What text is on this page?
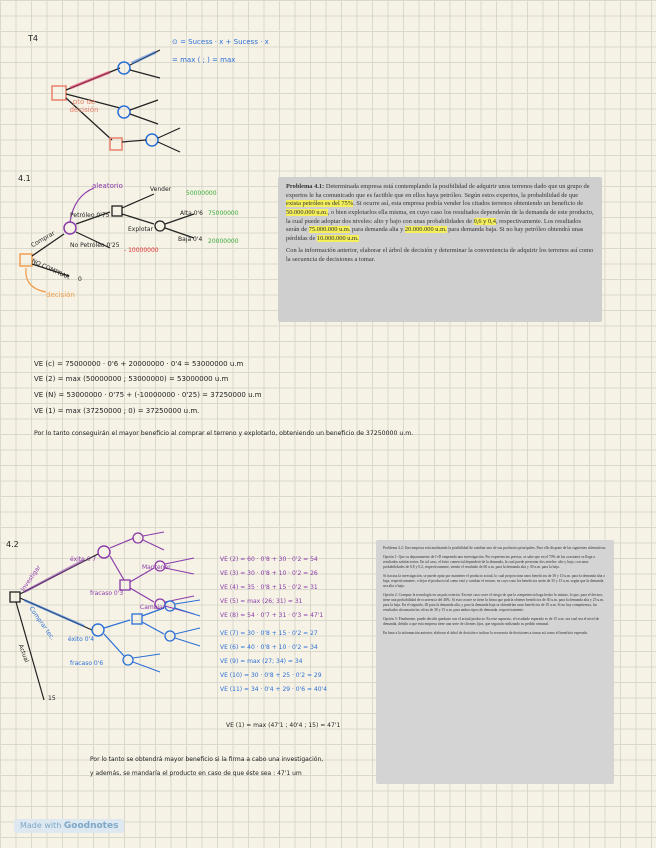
T4
pto de decisión
⊙ = Sucess · x + Sucess · x
= max ( ; ) = max
4.1
aleatorio
decisión
Comprar
NO COMPRAR
Petróleo 0'75
No Petróleo 0'25
Vender
Explotar
Alta 0'6
Baja 0'4
50000000
75000000
20000000
- 10000000
0

Problema 4.1: Determinada empresa está contemplando la posibilidad de adquirir unos terrenos dado que un grupo de expertos le ha comunicado que es factible que en ellos haya petróleo. Según estos expertos, la probabilidad de que exista petróleo es del 75%. Si ocurre así, esta empresa podría vender los citados terrenos obteniendo un beneficio de 50.000.000 u.m., o bien explotarlos ella misma, en cuyo caso los resultados dependerán de la demanda de este producto, la cual puede adoptar dos niveles: alto y bajo con unas probabilidades de 0,6 y 0,4, respectivamente. Los resultados serán de 75.000.000 u.m. para demanda alta y 20.000.000 u.m. para demanda baja. Si no hay petróleo obtendrá unas pérdidas de 10.000.000 u.m.

Con la información anterior, elaborar el árbol de decisión y determinar la conveniencia de adquirir los terrenos así como la secuencia de decisiones a tomar.

VE (c) = 75000000 · 0'6 + 20000000 · 0'4 = 53000000 u.m
VE (2) = max (50000000 ; 53000000) = 53000000 u.m
VE (N) = 53000000 · 0'75 + (-10000000 · 0'25) = 37250000 u.m
VE (1) = max (37250000 ; 0) = 37250000 u.m.
Por lo tanto conseguirán el mayor beneficio al comprar el terreno y explotarlo, obteniendo un beneficio de 37250000 u.m.
4.2
Investigar
Comprar tec.
Actual
15
éxito 0'7
fracaso 0'3
Mantener
Cambiar
éxito 0'4
fracaso 0'6
VE (2) = 60 · 0'8 + 30 · 0'2 = 54
VE (3) = 30 · 0'8 + 10 · 0'2 = 26
VE (4) = 35 · 0'8 + 15 · 0'2 = 31
VE (5) = max (26; 31) = 31
VE (8) = 54 · 0'7 + 31 · 0'3 = 47'1
VE (7) = 30 · 0'8 + 15 · 0'2 = 27
VE (6) = 40 · 0'8 + 10 · 0'2 = 34
VE (9) = max (27; 34) = 34
VE (10) = 30 · 0'8 + 25 · 0'2 = 29
VE (11) = 34 · 0'4 + 29 · 0'6 = 40'4
VE (1) = max (47'1 ; 40'4 ; 15) = 47'1
Por lo tanto se obtendrá mayor beneficio si la firma a cabo una investigación,
y además, se mandaría el producto en caso de que éste sea : 47'1 um

Problema 4.2: Una empresa está analizando la posibilidad de cambiar uno de sus productos principales. Para ello dispone de las siguientes alternativas:

Opción 1: Que su departamento de I+D emprenda una investigación. Por experiencias previas, se sabe que en el 70% de las ocasiones se llega a resultados satisfactorios. En tal caso, el éxito comercial dependerá de la demanda, la cual puede presentar dos niveles: alto y bajo, con unas probabilidades de 0,8 y 0,2, respectivamente, siendo el resultado de 60 u.m. para la demanda alta y 30 u.m. para la baja.

Si fracasa la investigación, se puede optar por mantener el producto actual, lo cual proporciona unos beneficios de 30 y 10 u.m. para la demanda alta o baja, respectivamente, o dejar el producto tal como está y cambiar el envase, en cuyo caso los beneficios serán de 35 y 15 u.m. según que la demanda sea alta o baja.

Opción 2: Comprar la tecnología en un país exterior. En este caso corre el riesgo de que la competencia haga hecho lo mismo, lo que, para el decisor, tiene una probabilidad de ocurrencia del 40%. Si esto ocurre se tiene la firma que podría obtener beneficios de 30 u.m. para la demanda alta y 25 u.m. para la baja. En el segundo, 40 para la demanda alta, y para la demanda baja se obtendrían unos beneficios de 10 u.m. Si no hay competencia, los resultados alcanzarán las cifras de 30 y 15 u.m. para ambos tipos de demanda, respectivamente.

Opción 3: Finalmente, puede decidir quedarse con el actual producto. En este supuesto, el resultado esperado es de 15 u.m. sea cual sea el nivel de demanda, debido a que esta empresa tiene una serie de clientes fijos, que seguirán realizando su pedido semanal.

En base a la información anterior, elaborar el árbol de decisión e indicar la secuencia de decisiones a tomar así como el beneficio esperado.

Made with Goodnotes
